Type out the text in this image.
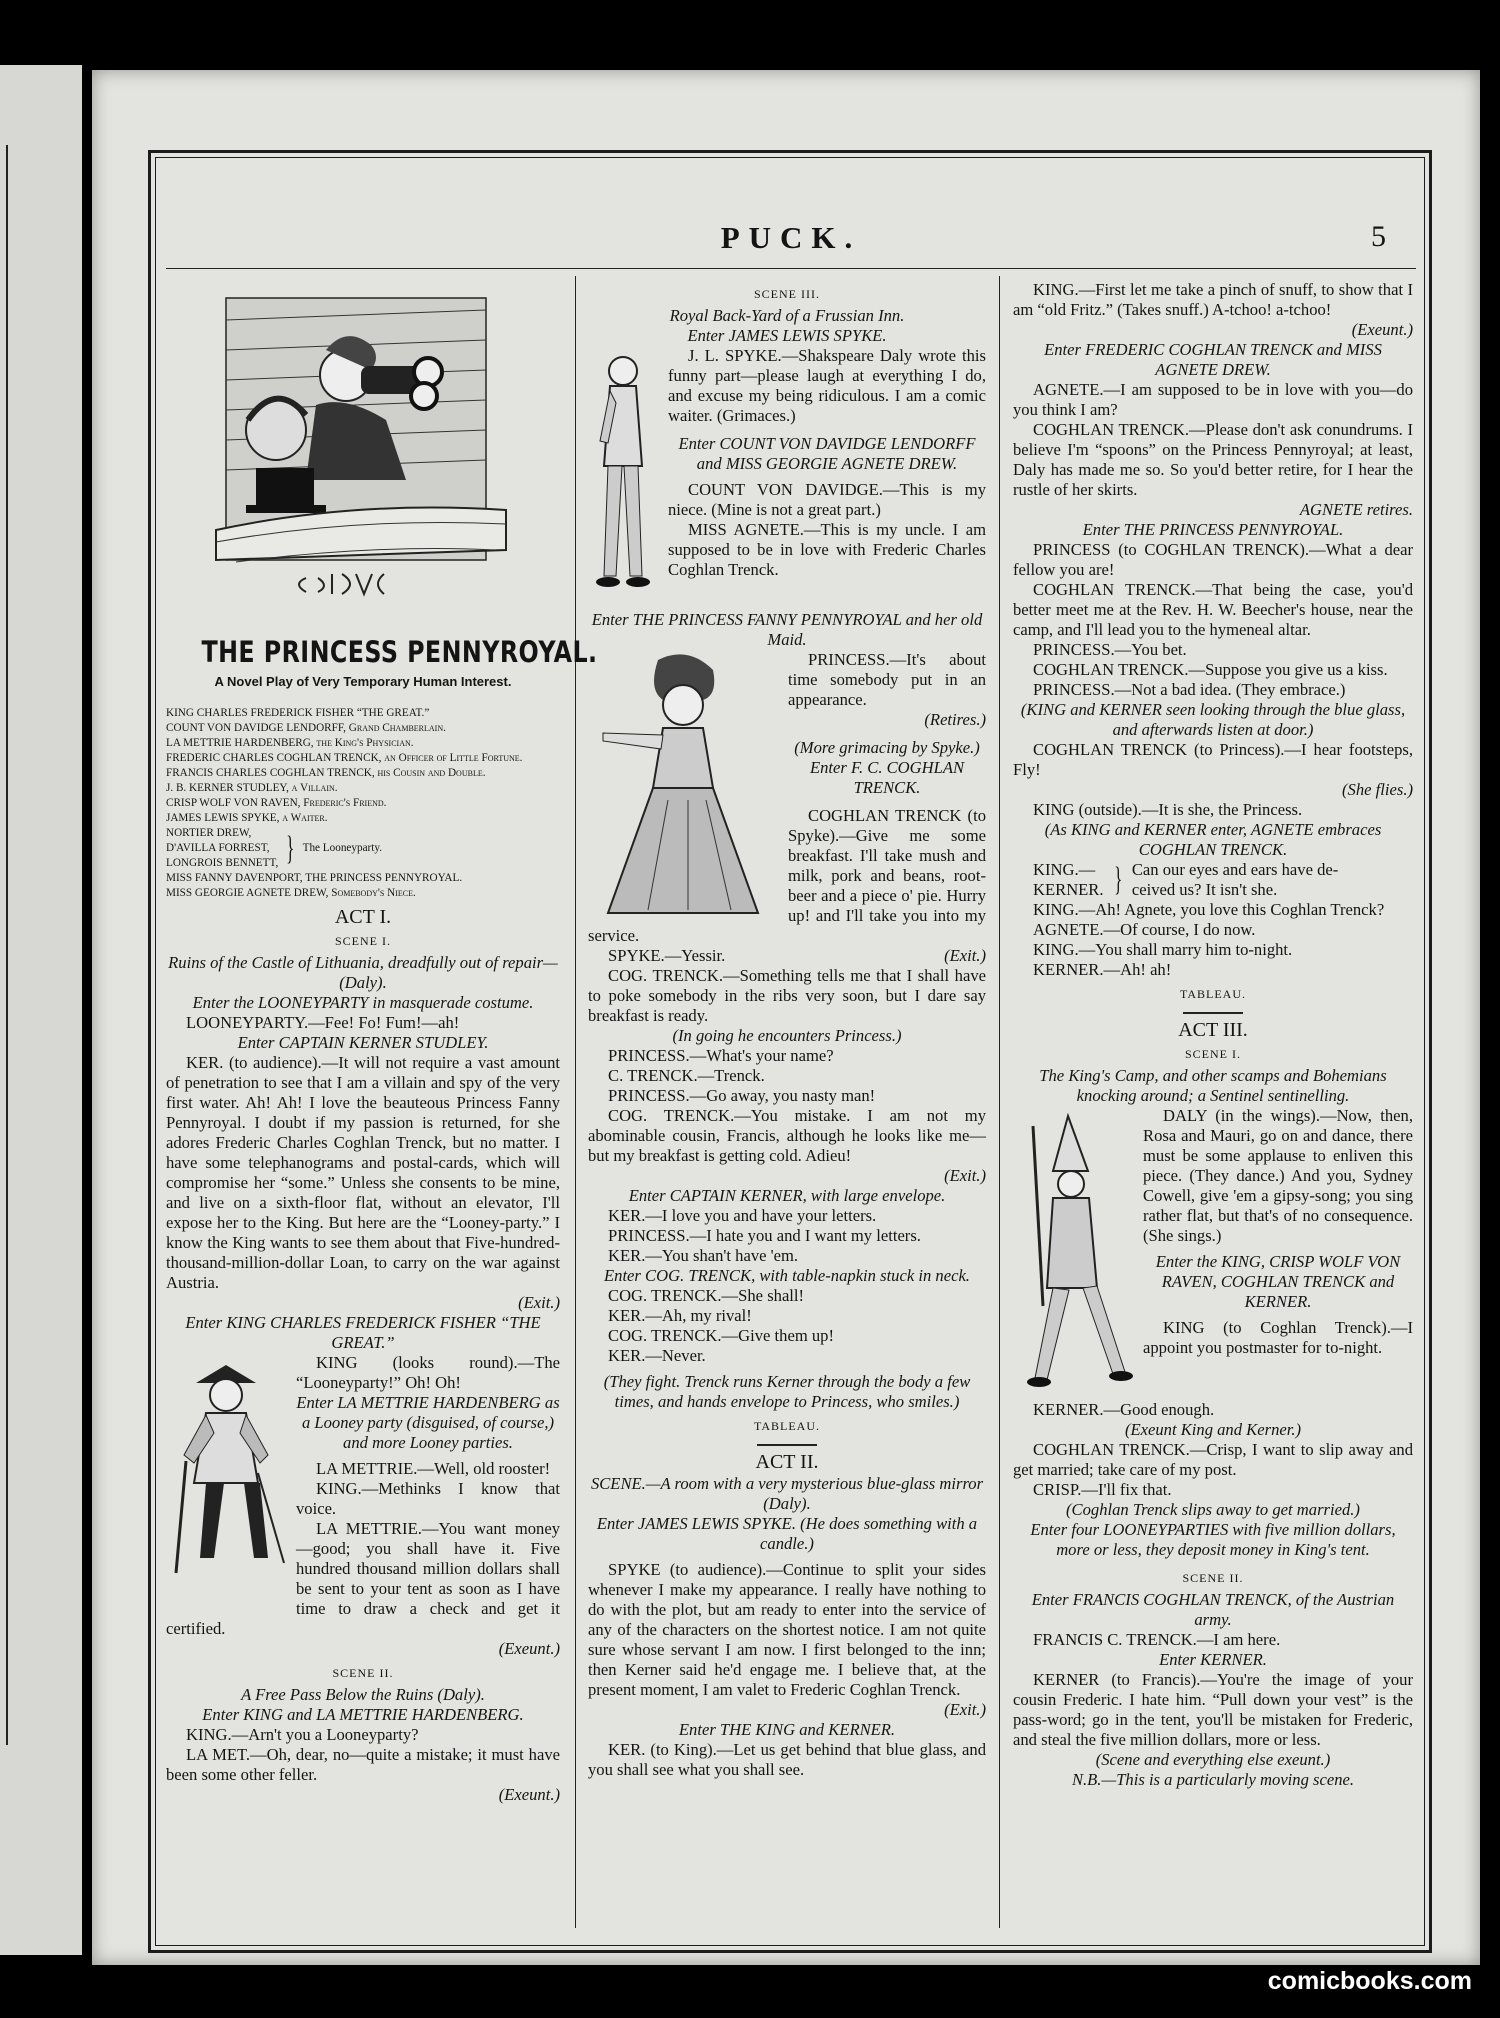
PUCK.	5
THE PRINCESS PENNYROYAL.
A Novel Play of Very Temporary Human Interest.
KING CHARLES FREDERICK FISHER “THE GREAT.”
COUNT VON DAVIDGE LENDORFF, Grand Chamberlain.
LA METTRIE HARDENBERG, the King's Physician.
FREDERIC CHARLES COGHLAN TRENCK, an Officer of Little Fortune.
FRANCIS CHARLES COGHLAN TRENCK, his Cousin and Double.
J. B. KERNER STUDLEY, a Villain.
CRISP WOLF VON RAVEN, Frederic's Friend.
JAMES LEWIS SPYKE, a Waiter.
NORTIER DREW,
D'AVILLA FORREST,
LONGROIS BENNETT, } The Looneyparty.
MISS FANNY DAVENPORT, THE PRINCESS PENNYROYAL.
MISS GEORGIE AGNETE DREW, Somebody's Niece.
ACT I.
SCENE I.

Ruins of the Castle of Lithuania, dreadfully out of repair—(Daly).

Enter the LOONEYPARTY in masquerade costume.

LOONEYPARTY.—Fee! Fo! Fum!—ah!

Enter CAPTAIN KERNER STUDLEY.

KER. (to audience).—It will not require a vast amount of penetration to see that I am a villain and spy of the very first water. Ah! Ah! I love the beauteous Princess Fanny Pennyroyal. I doubt if my passion is returned, for she adores Frederic Charles Coghlan Trenck, but no matter. I have some telephanograms and postal-cards, which will compromise her “some.” Unless she consents to be mine, and live on a sixth-floor flat, without an elevator, I'll expose her to the King. But here are the “Looney-party.” I know the King wants to see them about that Five-hundred-thousand-million-dollar Loan, to carry on the war against Austria.

(Exit.)

Enter KING CHARLES FREDERICK FISHER “THE GREAT.”

KING (looks round).—The “Looneyparty!” Oh! Oh!

Enter LA METTRIE HARDENBERG as a Looney party (disguised, of course,) and more Looney parties.

LA METTRIE.—Well, old rooster!

KING.—Methinks I know that voice.

LA METTRIE.—You want money—good; you shall have it. Five hundred thousand million dollars shall be sent to your tent as soon as I have time to draw a check and get it certified.

(Exeunt.)

SCENE II.

A Free Pass Below the Ruins (Daly).

Enter KING and LA METTRIE HARDENBERG.

KING.—Arn't you a Looneyparty?

LA MET.—Oh, dear, no—quite a mistake; it must have been some other feller.

(Exeunt.)

SCENE III.

Royal Back-Yard of a Frussian Inn.

Enter JAMES LEWIS SPYKE.

J. L. SPYKE.—Shakspeare Daly wrote this funny part—please laugh at everything I do, and excuse my being ridiculous. I am a comic waiter. (Grimaces.)

Enter COUNT VON DAVIDGE LENDORFF and MISS GEORGIE AGNETE DREW.

COUNT VON DAVIDGE.—This is my niece. (Mine is not a great part.)

MISS AGNETE.—This is my uncle. I am supposed to be in love with Frederic Charles Coghlan Trenck.

Enter THE PRINCESS FANNY PENNYROYAL and her old Maid.

PRINCESS.—It's about time somebody put in an appearance.

(Retires.)

(More grimacing by Spyke.)

Enter F. C. COGHLAN TRENCK.

COGHLAN TRENCK (to Spyke).—Give me some breakfast. I'll take mush and milk, pork and beans, root-beer and a piece o' pie. Hurry up! and I'll take you into my service.

SPYKE.—Yessir.	(Exit.)

COG. TRENCK.—Something tells me that I shall have to poke somebody in the ribs very soon, but I dare say breakfast is ready.

(In going he encounters Princess.)

PRINCESS.—What's your name?

C. TRENCK.—Trenck.

PRINCESS.—Go away, you nasty man!

COG. TRENCK.—You mistake. I am not my abominable cousin, Francis, although he looks like me—but my breakfast is getting cold. Adieu!

(Exit.)

Enter CAPTAIN KERNER, with large envelope.

KER.—I love you and have your letters.

PRINCESS.—I hate you and I want my letters.

KER.—You shan't have 'em.

Enter COG. TRENCK, with table-napkin stuck in neck.

COG. TRENCK.—She shall!

KER.—Ah, my rival!

COG. TRENCK.—Give them up!

KER.—Never.

(They fight. Trenck runs Kerner through the body a few times, and hands envelope to Princess, who smiles.)

TABLEAU.
ACT II.

SCENE.—A room with a very mysterious blue-glass mirror (Daly).

Enter JAMES LEWIS SPYKE. (He does something with a candle.)

SPYKE (to audience).—Continue to split your sides whenever I make my appearance. I really have nothing to do with the plot, but am ready to enter into the service of any of the characters on the shortest notice. I am not quite sure whose servant I am now. I first belonged to the inn; then Kerner said he'd engage me. I believe that, at the present moment, I am valet to Frederic Coghlan Trenck.

(Exit.)

Enter THE KING and KERNER.

KER. (to King).—Let us get behind that blue glass, and you shall see what you shall see.

KING.—First let me take a pinch of snuff, to show that I am “old Fritz.” (Takes snuff.) A-tchoo! a-tchoo!

(Exeunt.)

Enter FREDERIC COGHLAN TRENCK and MISS AGNETE DREW.

AGNETE.—I am supposed to be in love with you—do you think I am?

COGHLAN TRENCK.—Please don't ask conundrums. I believe I'm “spoons” on the Princess Pennyroyal; at least, Daly has made me so. So you'd better retire, for I hear the rustle of her skirts.

AGNETE retires.

Enter THE PRINCESS PENNYROYAL.

PRINCESS (to COGHLAN TRENCK).—What a dear fellow you are!

COGHLAN TRENCK.—That being the case, you'd better meet me at the Rev. H. W. Beecher's house, near the camp, and I'll lead you to the hymeneal altar.

PRINCESS.—You bet.

COGHLAN TRENCK.—Suppose you give us a kiss.

PRINCESS.—Not a bad idea. (They embrace.)

(KING and KERNER seen looking through the blue glass, and afterwards listen at door.)

COGHLAN TRENCK (to Princess).—I hear footsteps, Fly!

(She flies.)

KING (outside).—It is she, the Princess.

(As KING and KERNER enter, AGNETE embraces COGHLAN TRENCK.

KING.—
KERNER. } Can our eyes and ears have de-
ceived us? It isn't she.

KING.—Ah! Agnete, you love this Coghlan Trenck?

AGNETE.—Of course, I do now.

KING.—You shall marry him to-night.

KERNER.—Ah! ah!

TABLEAU.
ACT III.
SCENE I.

The King's Camp, and other scamps and Bohemians knocking around; a Sentinel sentinelling.

DALY (in the wings).—Now, then, Rosa and Mauri, go on and dance, there must be some applause to enliven this piece. (They dance.) And you, Sydney Cowell, give 'em a gipsy-song; you sing rather flat, but that's of no consequence. (She sings.)

Enter the KING, CRISP WOLF VON RAVEN, COGHLAN TRENCK and KERNER.

KING (to Coghlan Trenck).—I appoint you postmaster for to-night.

KERNER.—Good enough.

(Exeunt King and Kerner.)

COGHLAN TRENCK.—Crisp, I want to slip away and get married; take care of my post.

CRISP.—I'll fix that.

(Coghlan Trenck slips away to get married.)

Enter four LOONEYPARTIES with five million dollars, more or less, they deposit money in King's tent.

SCENE II.

Enter FRANCIS COGHLAN TRENCK, of the Austrian army.

FRANCIS C. TRENCK.—I am here.

Enter KERNER.

KERNER (to Francis).—You're the image of your cousin Frederic. I hate him. “Pull down your vest” is the pass-word; go in the tent, you'll be mistaken for Frederic, and steal the five million dollars, more or less.

(Scene and everything else exeunt.)

N.B.—This is a particularly moving scene.

comicbooks.com
